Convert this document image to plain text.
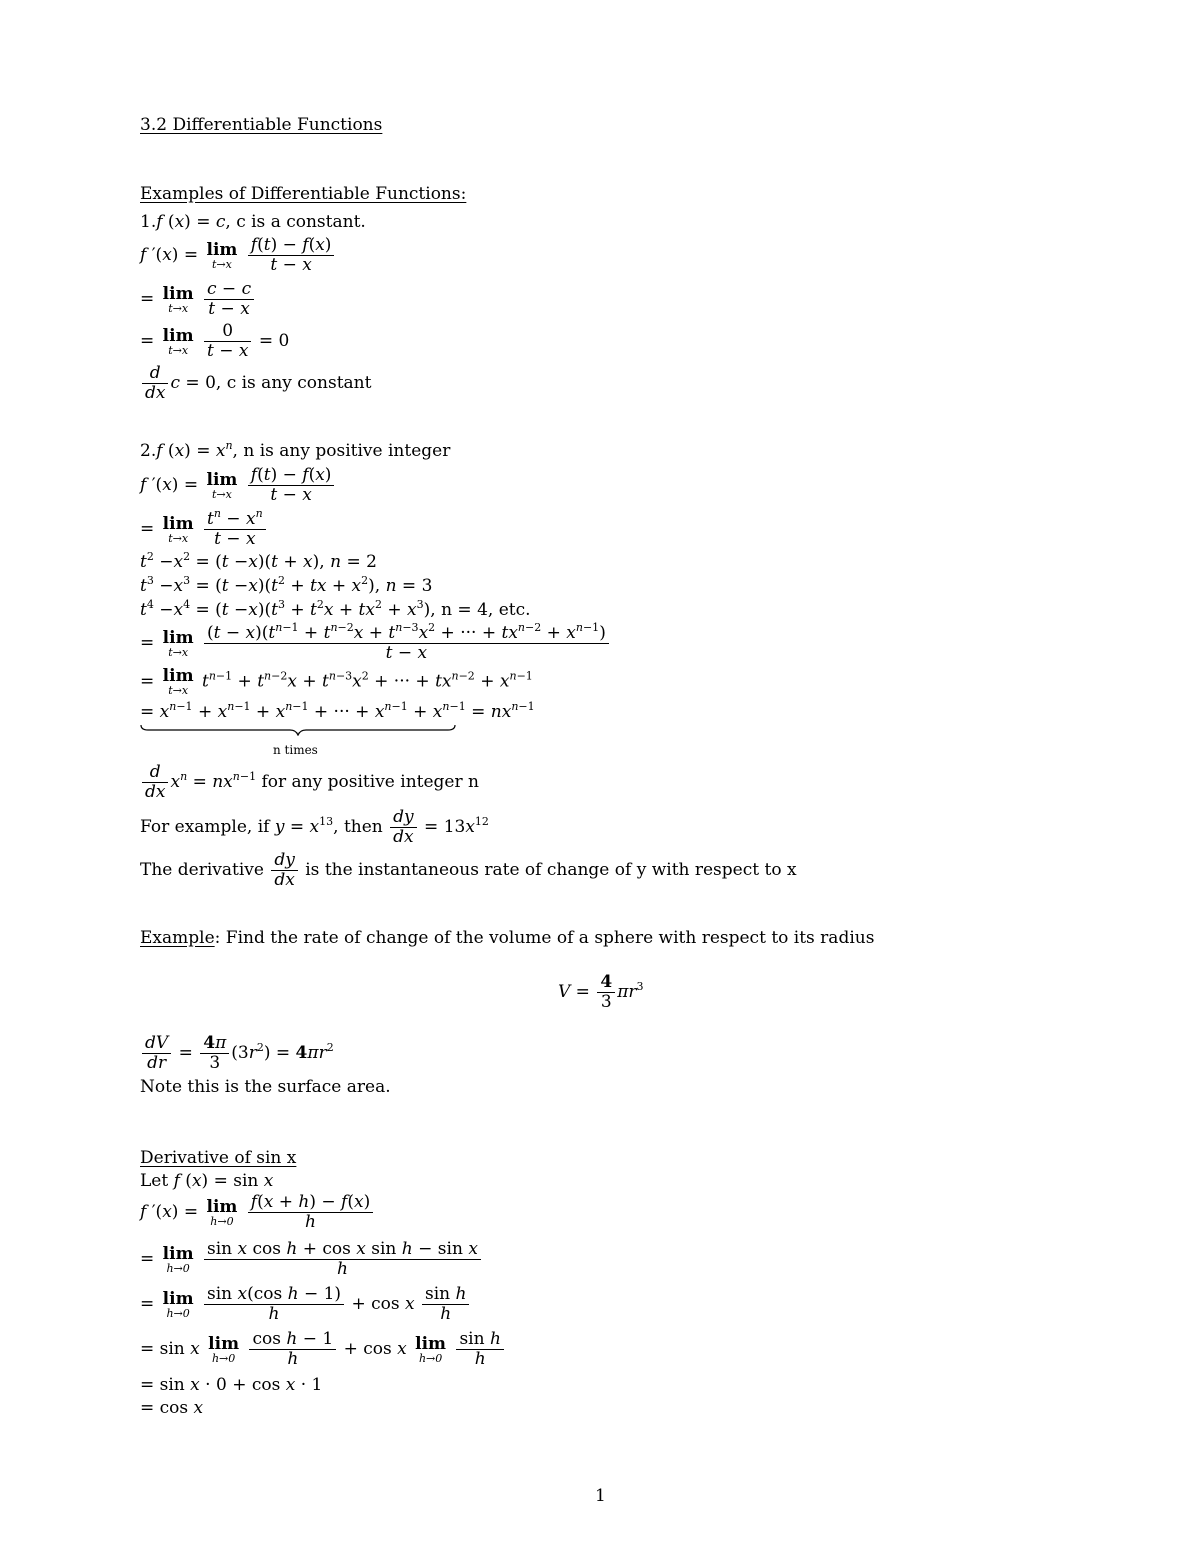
3.2 Differentiable Functions
Examples of Differentiable Functions:
1.f (x) = c, c is a constant.
f ′(x) = lim
t→x
$\frac{f(t) - f(x)}{t - x}$
= lim
t→x
$\frac{c - c}{t - x}$
= lim
t→x
$\frac{0}{t - x} = 0$
$\frac{d}{dx}$ c = 0, c is any constant
2.f $(x) = x^n$, n is any positive integer
f ′(x) = lim
t→x
$\frac{f(t) - f(x)}{t - x}$
= lim
t→x
$\frac{t^n - x^n}{t - x}$
$t^2 -x^2 = (t -x)(t + x)$, n = 2
$t^3 -x^3 = (t -x)(t^2$ + tx + $x^2$), n = 3
$t^4 -x^4 = (t -x)(t^3 + t^2x + tx^2 + x^3)$, n = 4, etc.
= lim
t→x
$\frac{(t - x)(t^{n-1} + t^{n-2}x + t^{n-3}x^2 + \cdot\cdot\cdot + tx^{n-2} + x^{n-1})}{t - x}$
= lim
t→x $t^{n-1} + t^{n-2}x + t^{n-3}x^2$ + ··· + $tx^{n-2} + x^{n-1}$
= $x^{n-1} + x^{n-1} + x^{n-1}$ + ··· + $x^{n-1} + x^{n-1} = nx^{n-1}$
n times
$\frac{d}{dx} x^n = nx^{n-1}$ for any positive integer n
For example, if $y = x^{13}$, then $\frac{dy}{dx} = 13x^{12}$
The derivative $\frac{dy}{dx}$ is the instantaneous rate of change of y with respect to x
Example: Find the rate of change of the volume of a sphere with respect to its radius
$V = \frac{4}{3} \pi r^3$
$\frac{dV}{dr} = \frac{4\pi}{3} (3r^2) = 4\pi r^2$
Note this is the surface area.
Derivative of sin x
Let f (x) = sin x
f ′(x) = lim
h→0
$\frac{f(x + h) - f(x)}{h}$
= lim
h→0
$\frac{\text{sin x cos h + cos x sin h − sin x}}{h}$
= lim
h→0
$\frac{\text{sin x(cos h − 1)}}{h} + \cos x \frac{\text{sin h}}{h}$
= sin x lim
h→0
$\frac{\text{cos h − 1}}{h} + \cos x$ lim
h→0
$\frac{\text{sin h}}{h}$
= sin x · 0 + cos x · 1
= cos x
1
